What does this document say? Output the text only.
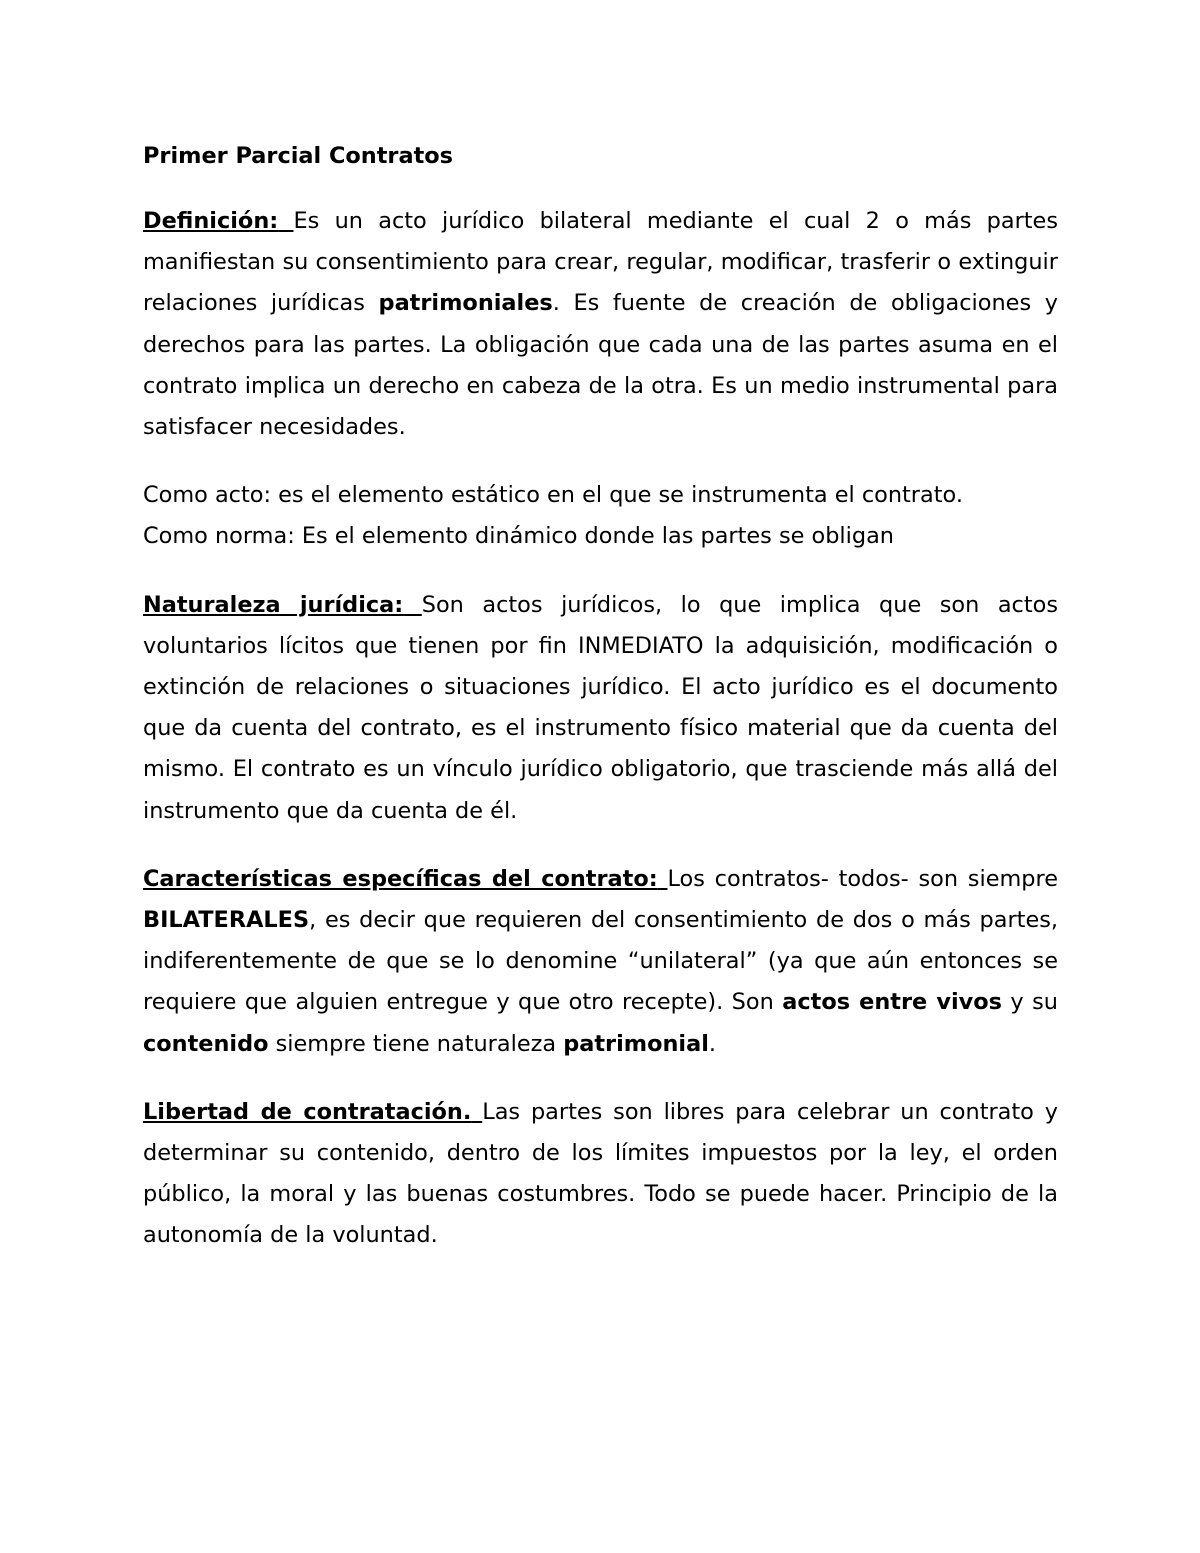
Primer Parcial Contratos

Definición: Es un acto jurídico bilateral mediante el cual 2 o más partes manifiestan su consentimiento para crear, regular, modificar, trasferir o extinguir relaciones jurídicas patrimoniales. Es fuente de creación de obligaciones y derechos para las partes. La obligación que cada una de las partes asuma en el contrato implica un derecho en cabeza de la otra. Es un medio instrumental para satisfacer necesidades.

Como acto: es el elemento estático en el que se instrumenta el contrato.
Como norma: Es el elemento dinámico donde las partes se obligan

Naturaleza jurídica: Son actos jurídicos, lo que implica que son actos voluntarios lícitos que tienen por fin INMEDIATO la adquisición, modificación o extinción de relaciones o situaciones jurídico. El acto jurídico es el documento que da cuenta del contrato, es el instrumento físico material que da cuenta del mismo. El contrato es un vínculo jurídico obligatorio, que trasciende más allá del instrumento que da cuenta de él.

Características específicas del contrato: Los contratos- todos- son siempre BILATERALES, es decir que requieren del consentimiento de dos o más partes, indiferentemente de que se lo denomine “unilateral” (ya que aún entonces se requiere que alguien entregue y que otro recepte). Son actos entre vivos y su contenido siempre tiene naturaleza patrimonial.

Libertad de contratación. Las partes son libres para celebrar un contrato y determinar su contenido, dentro de los límites impuestos por la ley, el orden público, la moral y las buenas costumbres. Todo se puede hacer. Principio de la autonomía de la voluntad.
